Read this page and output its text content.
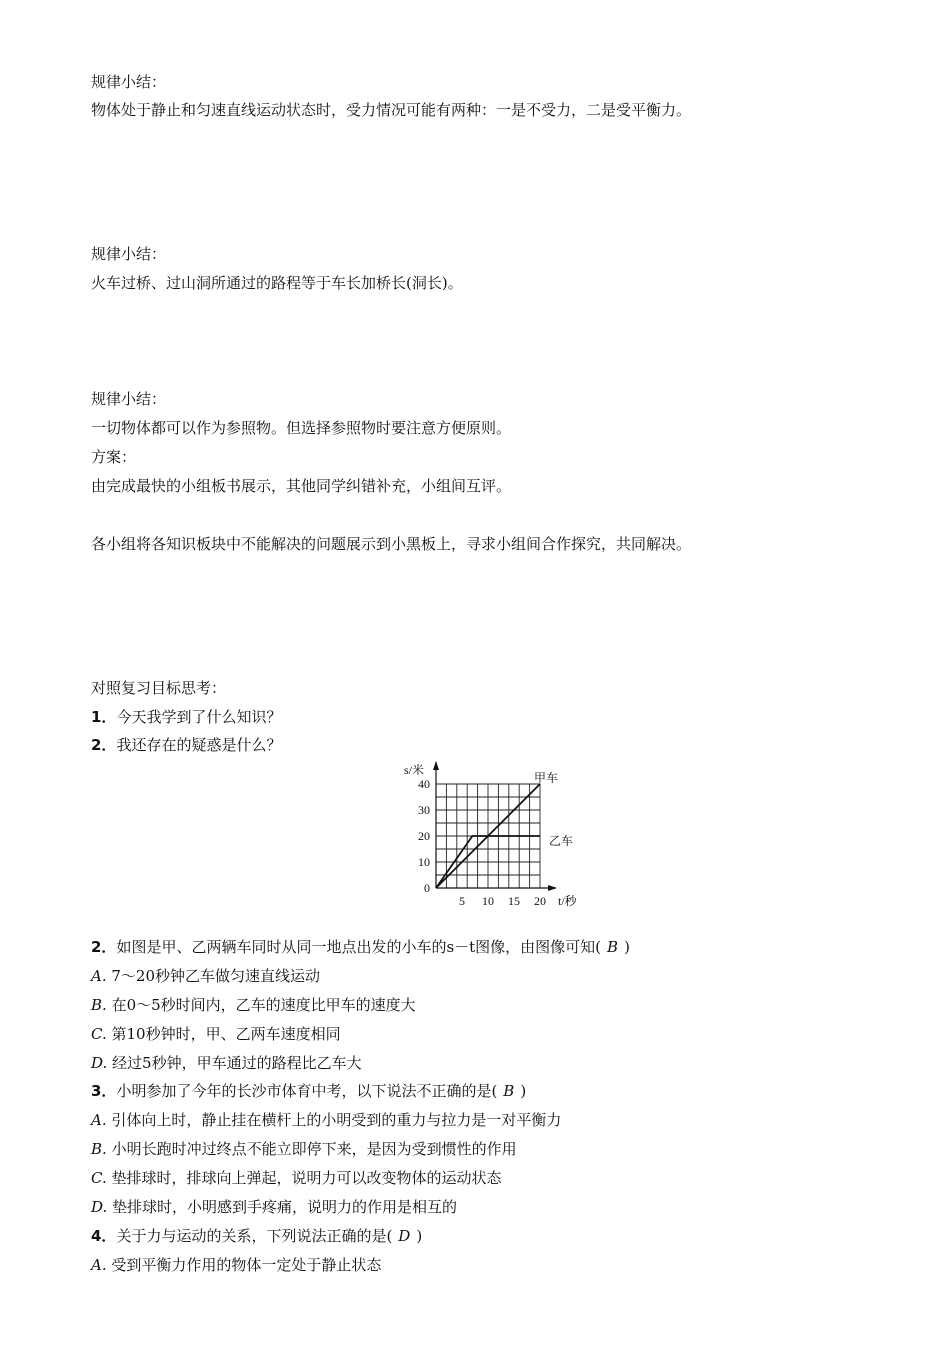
规律小结：
物体处于静止和匀速直线运动状态时，受力情况可能有两种：一是不受力，二是受平衡力。
规律小结：
火车过桥、过山洞所通过的路程等于车长加桥长(洞长)。
规律小结：
一切物体都可以作为参照物。但选择参照物时要注意方便原则。
方案：
由完成最快的小组板书展示，其他同学纠错补充，小组间互评。
各小组将各知识板块中不能解决的问题展示到小黑板上，寻求小组间合作探究，共同解决。
对照复习目标思考：
1．今天我学到了什么知识？
2．我还存在的疑惑是什么？
0
10
20
30
40
5 10 15 20
s/米
t/秒
甲车
乙车
2．如图是甲、乙两辆车同时从同一地点出发的小车的s－t图像，由图像可知( B )
A. 7～20秒钟乙车做匀速直线运动
B. 在0～5秒时间内，乙车的速度比甲车的速度大
C. 第10秒钟时，甲、乙两车速度相同
D. 经过5秒钟，甲车通过的路程比乙车大
3．小明参加了今年的长沙市体育中考，以下说法不正确的是( B )
A. 引体向上时，静止挂在横杆上的小明受到的重力与拉力是一对平衡力
B. 小明长跑时冲过终点不能立即停下来，是因为受到惯性的作用
C. 垫排球时，排球向上弹起，说明力可以改变物体的运动状态
D. 垫排球时，小明感到手疼痛，说明力的作用是相互的
4．关于力与运动的关系，下列说法正确的是( D )
A. 受到平衡力作用的物体一定处于静止状态
